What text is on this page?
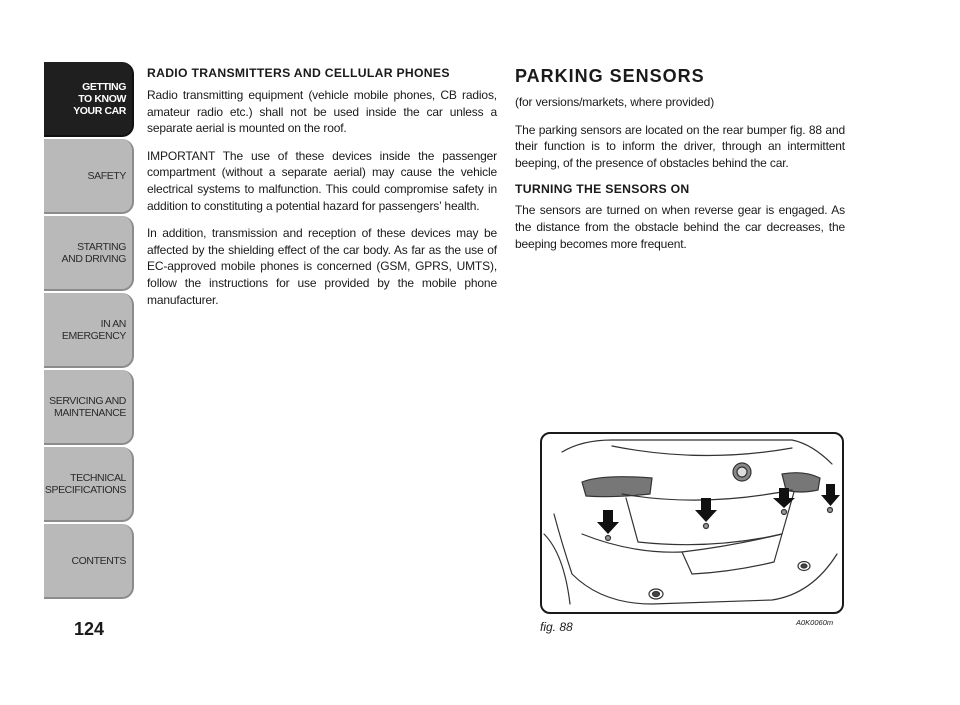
GETTING
TO KNOW
YOUR CAR
SAFETY
STARTING
AND DRIVING
IN AN
EMERGENCY
SERVICING AND
MAINTENANCE
TECHNICAL
SPECIFICATIONS
CONTENTS
124
RADIO TRANSMITTERS AND CELLULAR PHONES

Radio transmitting equipment (vehicle mobile phones, CB radios, amateur radio etc.) shall not be used inside the car unless a separate aerial is mounted on the roof.

IMPORTANT The use of these devices inside the passenger compartment (without a separate aerial) may cause the vehicle electrical systems to malfunction. This could compromise safety in addition to constituting a potential hazard for passengers’ health.

In addition, transmission and reception of these devices may be affected by the shielding effect of the car body. As far as the use of EC-approved mobile phones is concerned (GSM, GPRS, UMTS), follow the instructions for use provided by the mobile phone manufacturer.

PARKING SENSORS

(for versions/markets, where provided)

The parking sensors are located on the rear bumper fig. 88 and their function is to inform the driver, through an intermittent beeping, of the presence of obstacles behind the car.

TURNING THE SENSORS ON

The sensors are turned on when reverse gear is engaged. As the distance from the obstacle behind the car decreases, the beeping becomes more frequent.

fig. 88	A0K0060m
